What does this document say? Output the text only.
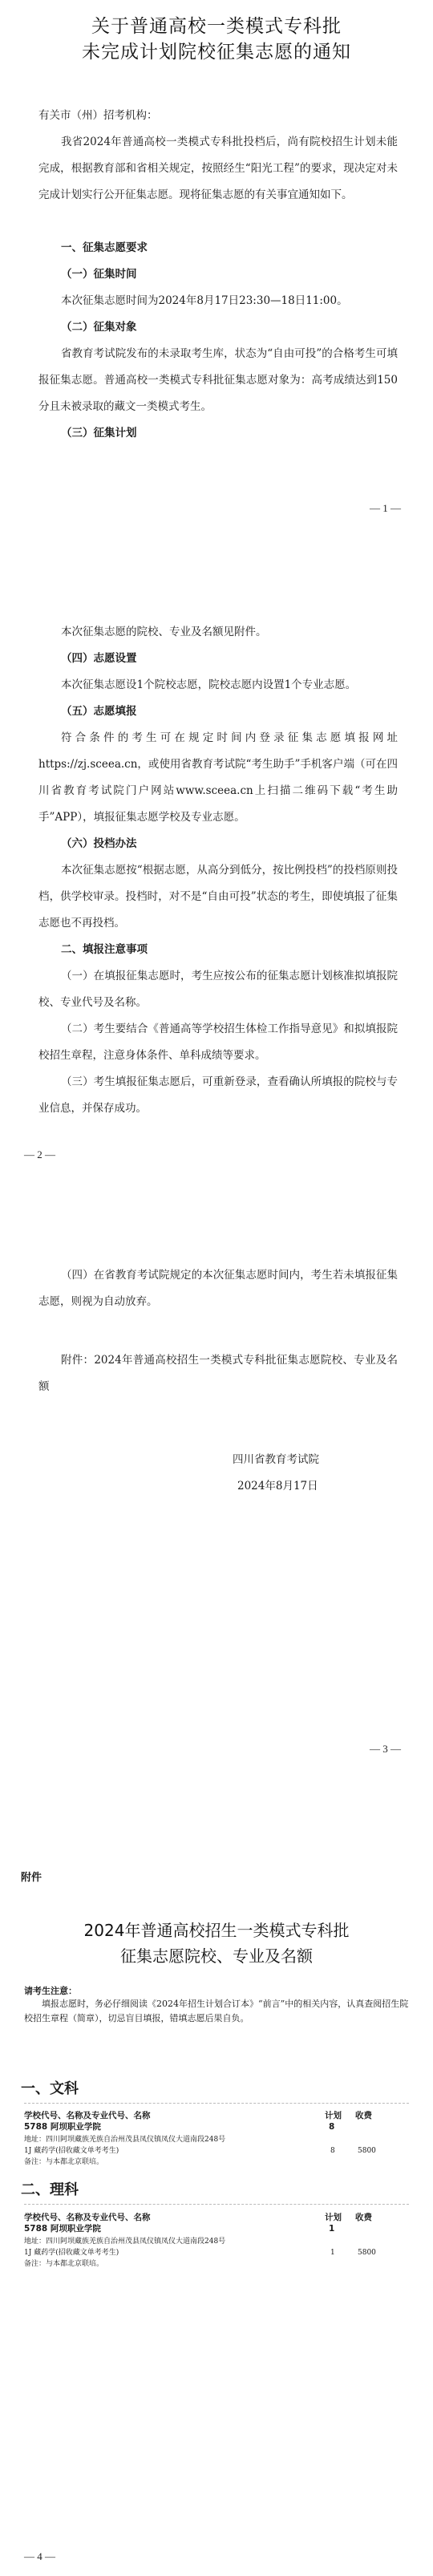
关于普通高校一类模式专科批
未完成计划院校征集志愿的通知
有关市（州）招考机构：
我省2024年普通高校一类模式专科批投档后，尚有院校招生计划未能完成，根据教育部和省相关规定，按照经生“阳光工程”的要求，现决定对未完成计划实行公开征集志愿。现将征集志愿的有关事宜通知如下。
一、征集志愿要求
（一）征集时间
本次征集志愿时间为2024年8月17日23:30—18日11:00。
（二）征集对象
省教育考试院发布的未录取考生库，状态为“自由可投”的合格考生可填报征集志愿。普通高校一类模式专科批征集志愿对象为：高考成绩达到150分且未被录取的藏文一类模式考生。
（三）征集计划
— 1 —
本次征集志愿的院校、专业及名额见附件。
（四）志愿设置
本次征集志愿设1个院校志愿，院校志愿内设置1个专业志愿。
（五）志愿填报
符合条件的考生可在规定时间内登录征集志愿填报网址https://zj.sceea.cn，或使用省教育考试院“考生助手”手机客户端（可在四川省教育考试院门户网站www.sceea.cn上扫描二维码下载“考生助手”APP），填报征集志愿学校及专业志愿。
（六）投档办法
本次征集志愿按“根据志愿，从高分到低分，按比例投档”的投档原则投档，供学校审录。投档时，对不是“自由可投”状态的考生，即使填报了征集志愿也不再投档。
二、填报注意事项
（一）在填报征集志愿时，考生应按公布的征集志愿计划核准拟填报院校、专业代号及名称。
（二）考生要结合《普通高等学校招生体检工作指导意见》和拟填报院校招生章程，注意身体条件、单科成绩等要求。
（三）考生填报征集志愿后，可重新登录，查看确认所填报的院校与专业信息，并保存成功。
— 2 —
（四）在省教育考试院规定的本次征集志愿时间内，考生若未填报征集志愿，则视为自动放弃。
附件：2024年普通高校招生一类模式专科批征集志愿院校、专业及名额
四川省教育考试院
2024年8月17日
— 3 —
附件
2024年普通高校招生一类模式专科批
征集志愿院校、专业及名额
请考生注意：
填报志愿时，务必仔细阅读《2024年招生计划合订本》“前言”中的相关内容，认真查阅招生院校招生章程（简章），切忌盲目填报，错填志愿后果自负。
一、文科
学校代号、名称及专业代号、名称	计划 收费
5788 阿坝职业学院	8
地址：四川阿坝藏族羌族自治州茂县凤仪镇凤仪大道南段248号
1J 藏药学(招收藏文单考考生)	8	5800
备注：与本都北京联培。
二、理科
学校代号、名称及专业代号、名称	计划 收费
5788 阿坝职业学院	1
地址：四川阿坝藏族羌族自治州茂县凤仪镇凤仪大道南段248号
1J 藏药学(招收藏文单考考生)	1	5800
备注：与本都北京联培。
— 4 —
